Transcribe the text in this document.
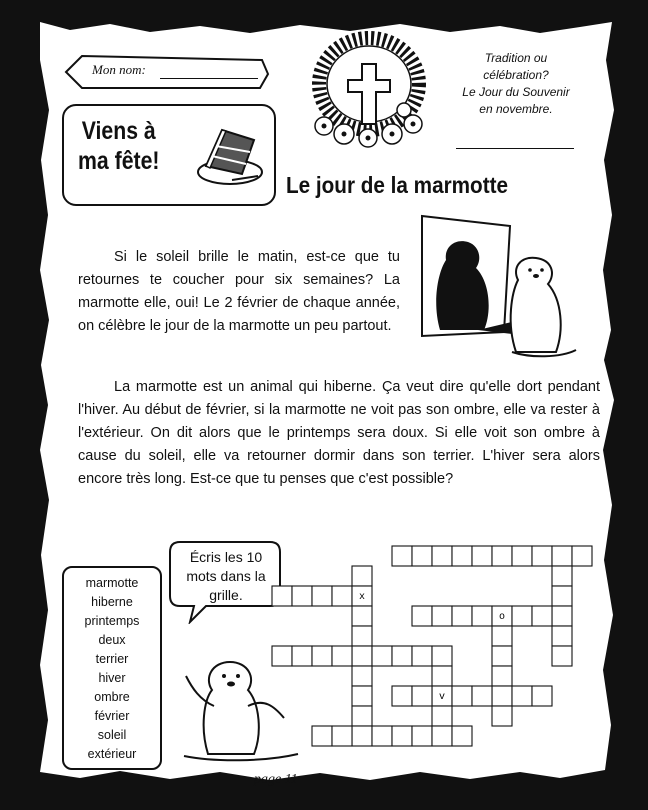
Mon nom:
Viens à ma fête!
Tradition ou
célébration?
Le Jour du Souvenir
en novembre.
Le jour de la marmotte
Si le soleil brille le matin, est-ce que tu retournes te coucher pour six semaines? La marmotte elle, oui! Le 2 février de chaque année, on célèbre le jour de la marmotte un peu partout.
La marmotte est un animal qui hiberne. Ça veut dire qu'elle dort pendant l'hiver. Au début de février, si la marmotte ne voit pas son ombre, elle va rester à l'extérieur. On dit alors que le printemps sera doux. Si elle voit son ombre à cause du soleil, elle va retourner dormir dans son terrier. L'hiver sera alors encore très long. Est-ce que tu penses que c'est possible?
marmotte
hiberne
printemps
deux
terrier
hiver
ombre
février
soleil
extérieur
Écris les 10 mots dans la grille.	x
o
v
page 11
